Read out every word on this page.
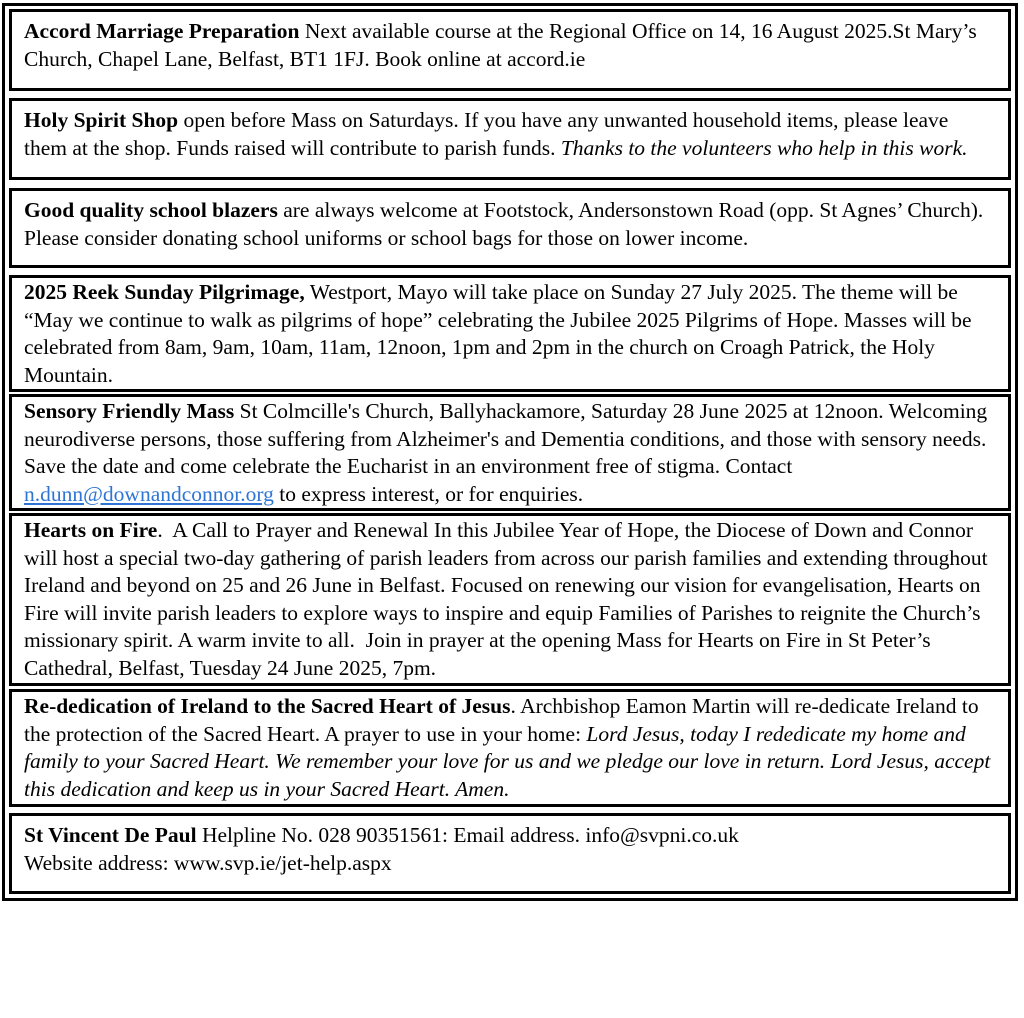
Accord Marriage Preparation Next available course at the Regional Office on 14, 16 August 2025.St Mary’s Church, Chapel Lane, Belfast, BT1 1FJ. Book online at accord.ie

Holy Spirit Shop open before Mass on Saturdays. If you have any unwanted household items, please leave them at the shop. Funds raised will contribute to parish funds. Thanks to the volunteers who help in this work.

Good quality school blazers are always welcome at Footstock, Andersonstown Road (opp. St Agnes’ Church).  Please consider donating school uniforms or school bags for those on lower income.

2025 Reek Sunday Pilgrimage, Westport, Mayo will take place on Sunday 27 July 2025. The theme will be “May we continue to walk as pilgrims of hope” celebrating the Jubilee 2025 Pilgrims of Hope. Masses will be celebrated from 8am, 9am, 10am, 11am, 12noon, 1pm and 2pm in the church on Croagh Patrick, the Holy Mountain.

Sensory Friendly Mass St Colmcille's Church, Ballyhackamore, Saturday 28 June 2025 at 12noon. Welcoming neurodiverse persons, those suffering from Alzheimer's and Dementia conditions, and those with sensory needs. Save the date and come celebrate the Eucharist in an environment free of stigma. Contact n.dunn@downandconnor.org to express interest, or for enquiries.

Hearts on Fire.  A Call to Prayer and Renewal In this Jubilee Year of Hope, the Diocese of Down and Connor will host a special two-day gathering of parish leaders from across our parish families and extending throughout Ireland and beyond on 25 and 26 June in Belfast. Focused on renewing our vision for evangelisation, Hearts on Fire will invite parish leaders to explore ways to inspire and equip Families of Parishes to reignite the Church’s missionary spirit. A warm invite to all.  Join in prayer at the opening Mass for Hearts on Fire in St Peter’s Cathedral, Belfast, Tuesday 24 June 2025, 7pm.

Re-dedication of Ireland to the Sacred Heart of Jesus. Archbishop Eamon Martin will re-dedicate Ireland to the protection of the Sacred Heart. A prayer to use in your home: Lord Jesus, today I rededicate my home and family to your Sacred Heart. We remember your love for us and we pledge our love in return. Lord Jesus, accept this dedication and keep us in your Sacred Heart. Amen.

St Vincent De Paul Helpline No. 028 90351561: Email address. info@svpni.co.uk
Website address: www.svp.ie/jet-help.aspx
